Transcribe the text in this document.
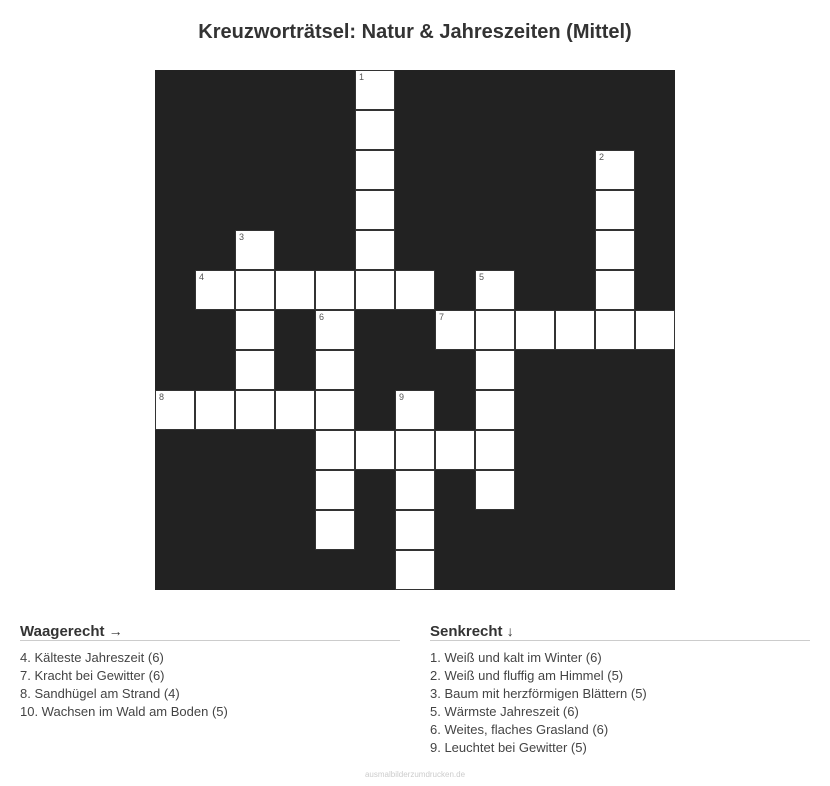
Kreuzworträtsel: Natur & Jahreszeiten (Mittel)
1
2
3
4	5
6	7
8	9
Waagerecht →
4. Kälteste Jahreszeit (6)
7. Kracht bei Gewitter (6)
8. Sandhügel am Strand (4)
10. Wachsen im Wald am Boden (5)
Senkrecht ↓
1. Weiß und kalt im Winter (6)
2. Weiß und fluffig am Himmel (5)
3. Baum mit herzförmigen Blättern (5)
5. Wärmste Jahreszeit (6)
6. Weites, flaches Grasland (6)
9. Leuchtet bei Gewitter (5)
ausmalbilderzumdrucken.de
